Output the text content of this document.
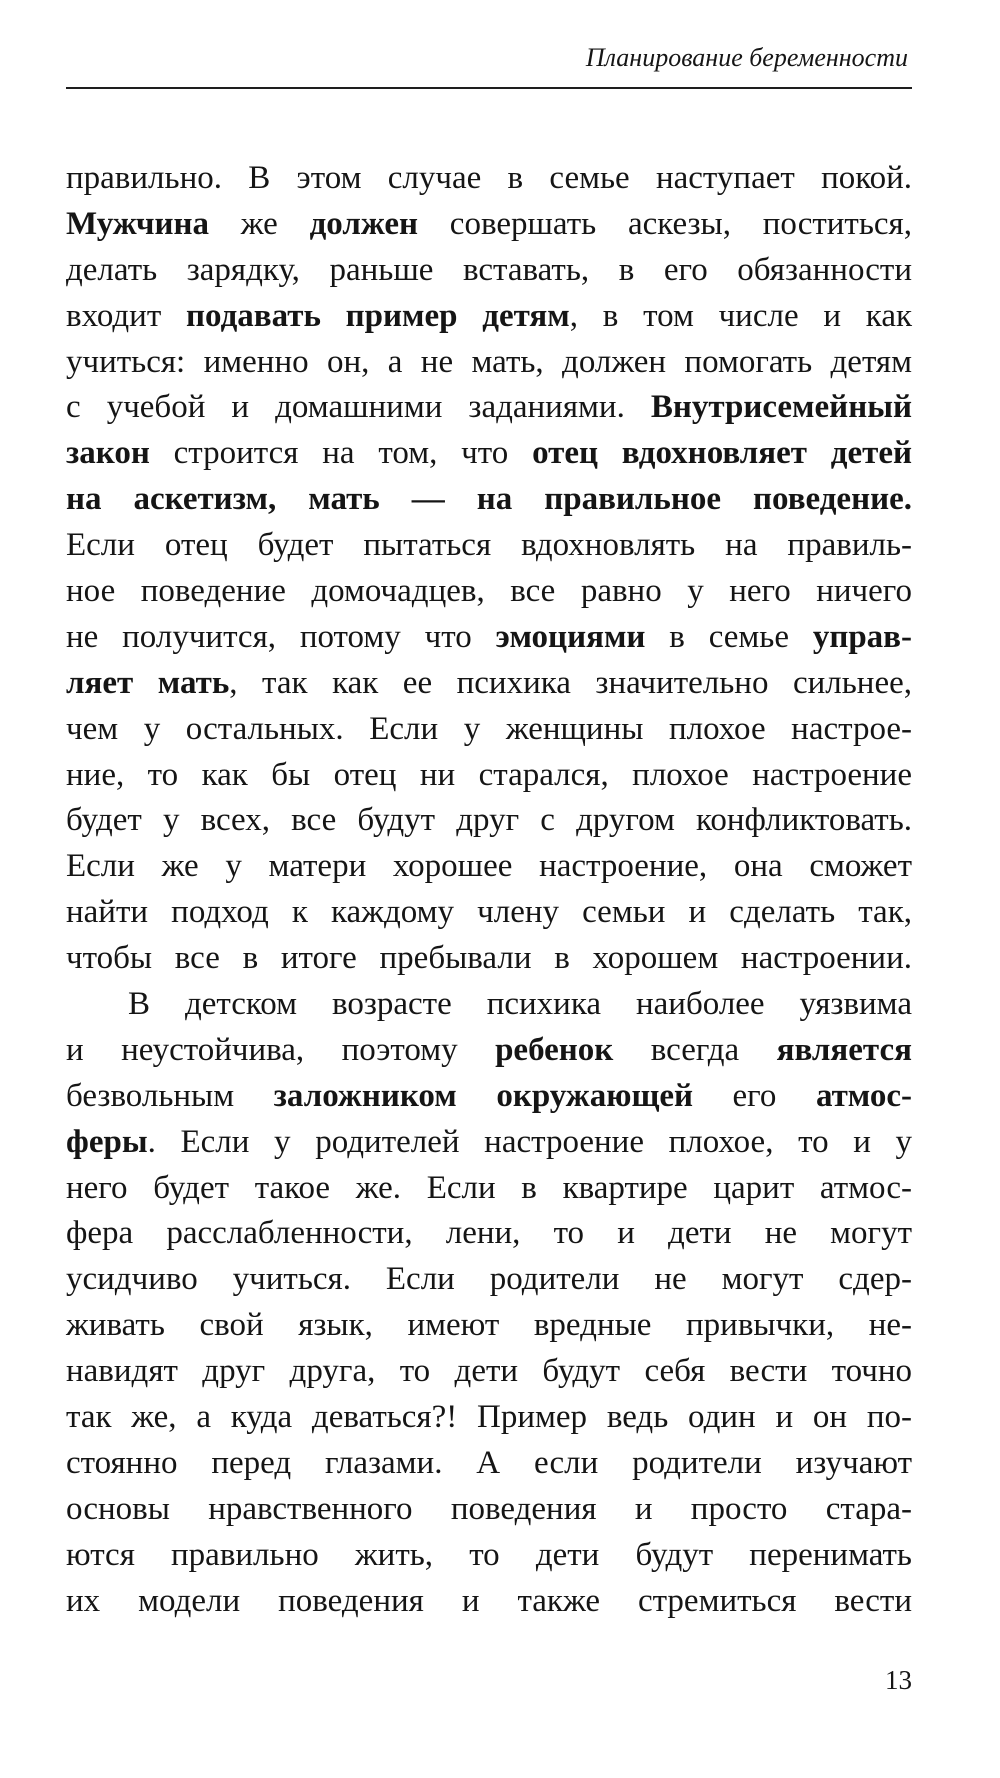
Планирование беременности
правильно. В этом случае в семье наступает покой.
Мужчина же должен совершать аскезы, поститься,
делать зарядку, раньше вставать, в его обязанности
входит подавать пример детям, в том числе и как
учиться: именно он, а не мать, должен помогать детям
с учебой и домашними заданиями. Внутрисемейный
закон строится на том, что отец вдохновляет детей
на аскетизм, мать — на правильное поведение.
Если отец будет пытаться вдохновлять на правиль-
ное поведение домочадцев, все равно у него ничего
не получится, потому что эмоциями в семье управ-
ляет мать, так как ее психика значительно сильнее,
чем у остальных. Если у женщины плохое настрое-
ние, то как бы отец ни старался, плохое настроение
будет у всех, все будут друг с другом конфликтовать.
Если же у матери хорошее настроение, она сможет
найти подход к каждому члену семьи и сделать так,
чтобы все в итоге пребывали в хорошем настроении.
В детском возрасте психика наиболее уязвима
и неустойчива, поэтому ребенок всегда является
безвольным заложником окружающей его атмос-
феры. Если у родителей настроение плохое, то и у
него будет такое же. Если в квартире царит атмос-
фера расслабленности, лени, то и дети не могут
усидчиво учиться. Если родители не могут сдер-
живать свой язык, имеют вредные привычки, не-
навидят друг друга, то дети будут себя вести точно
так же, а куда деваться?! Пример ведь один и он по-
стоянно перед глазами. А если родители изучают
основы нравственного поведения и просто стара-
ются правильно жить, то дети будут перенимать
их модели поведения и также стремиться вести
13
